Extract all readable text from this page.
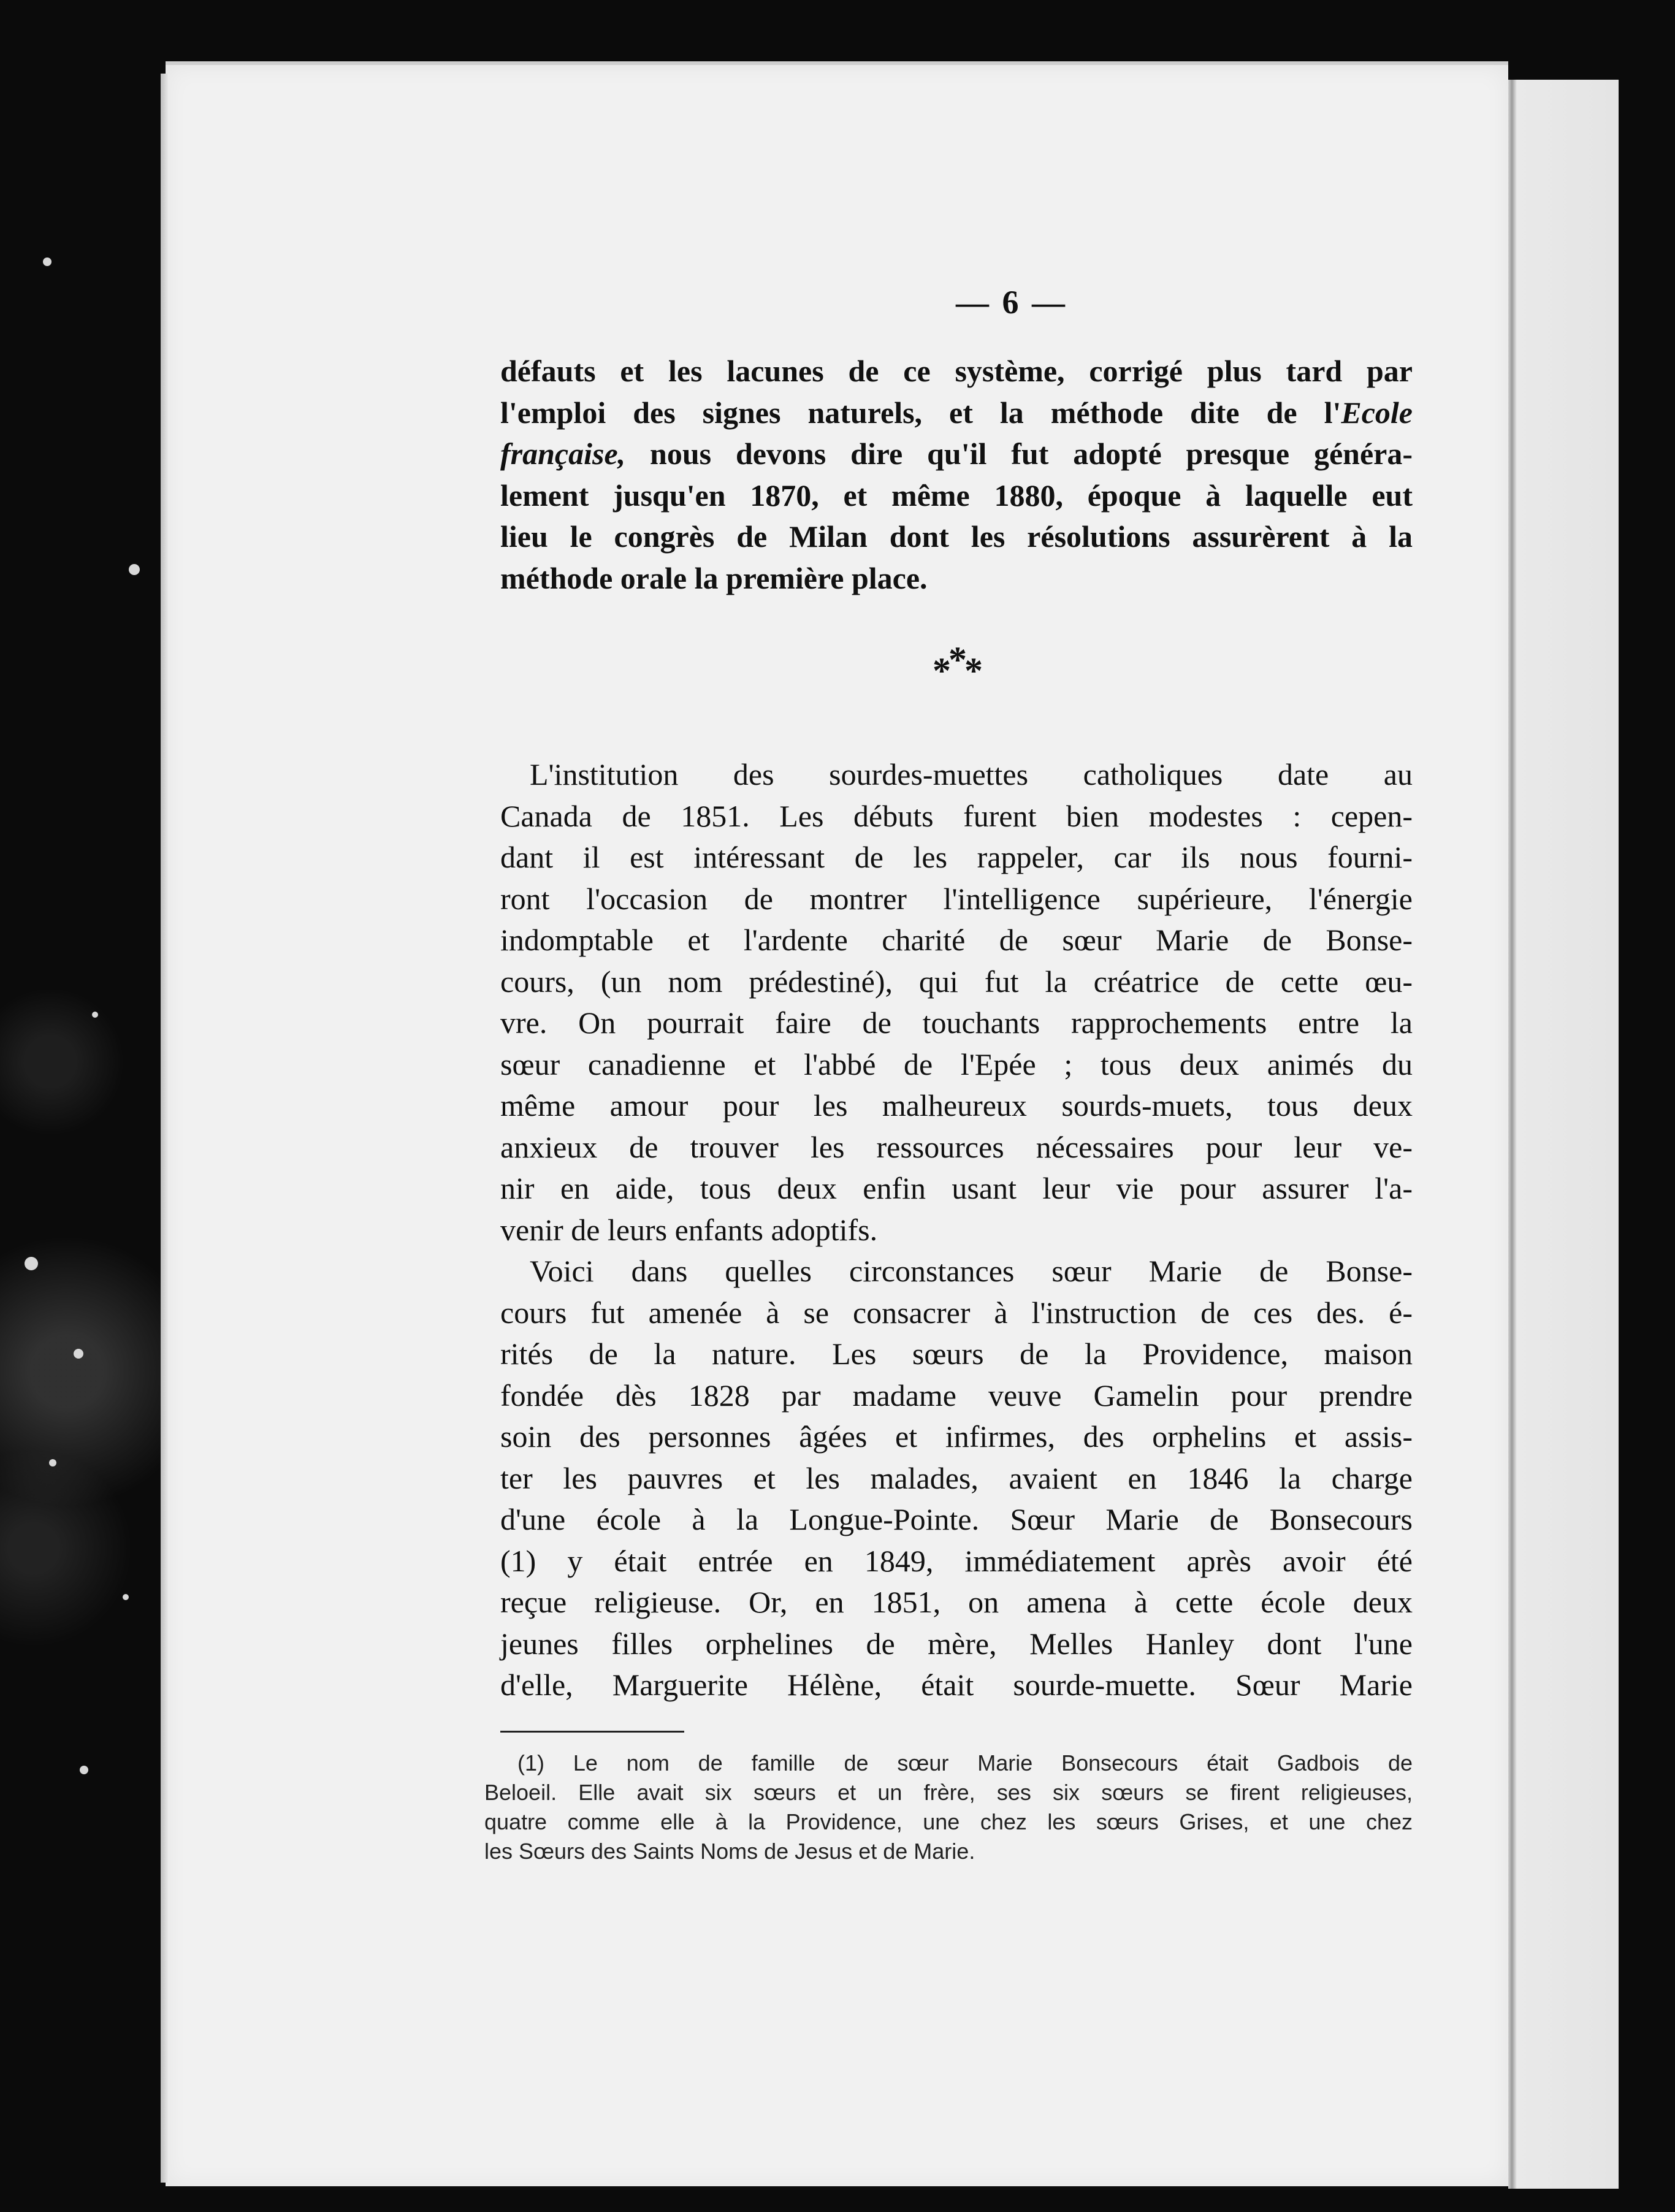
— 6 —
défauts et les lacunes de ce système, corrigé plus tard par
l'emploi des signes naturels, et la méthode dite de l'Ecole
française, nous devons dire qu'il fut adopté presque généra-
lement jusqu'en 1870, et même 1880, époque à laquelle eut
lieu le congrès de Milan dont les résolutions assurèrent à la
méthode orale la première place.
***
L'institution des sourdes-muettes catholiques date au
Canada de 1851. Les débuts furent bien modestes : cepen-
dant il est intéressant de les rappeler, car ils nous fourni-
ront l'occasion de montrer l'intelligence supérieure, l'énergie
indomptable et l'ardente charité de sœur Marie de Bonse-
cours, (un nom prédestiné), qui fut la créatrice de cette œu-
vre. On pourrait faire de touchants rapprochements entre la
sœur canadienne et l'abbé de l'Epée ; tous deux animés du
même amour pour les malheureux sourds-muets, tous deux
anxieux de trouver les ressources nécessaires pour leur ve-
nir en aide, tous deux enfin usant leur vie pour assurer l'a-
venir de leurs enfants adoptifs.
Voici dans quelles circonstances sœur Marie de Bonse-
cours fut amenée à se consacrer à l'instruction de ces des. é-
rités de la nature. Les sœurs de la Providence, maison
fondée dès 1828 par madame veuve Gamelin pour prendre
soin des personnes âgées et infirmes, des orphelins et assis-
ter les pauvres et les malades, avaient en 1846 la charge
d'une école à la Longue-Pointe. Sœur Marie de Bonsecours
(1) y était entrée en 1849, immédiatement après avoir été
reçue religieuse. Or, en 1851, on amena à cette école deux
jeunes filles orphelines de mère, Melles Hanley dont l'une
d'elle, Marguerite Hélène, était sourde-muette. Sœur Marie
(1) Le nom de famille de sœur Marie Bonsecours était Gadbois de
Beloeil. Elle avait six sœurs et un frère, ses six sœurs se firent religieuses,
quatre comme elle à la Providence, une chez les sœurs Grises, et une chez
les Sœurs des Saints Noms de Jesus et de Marie.
